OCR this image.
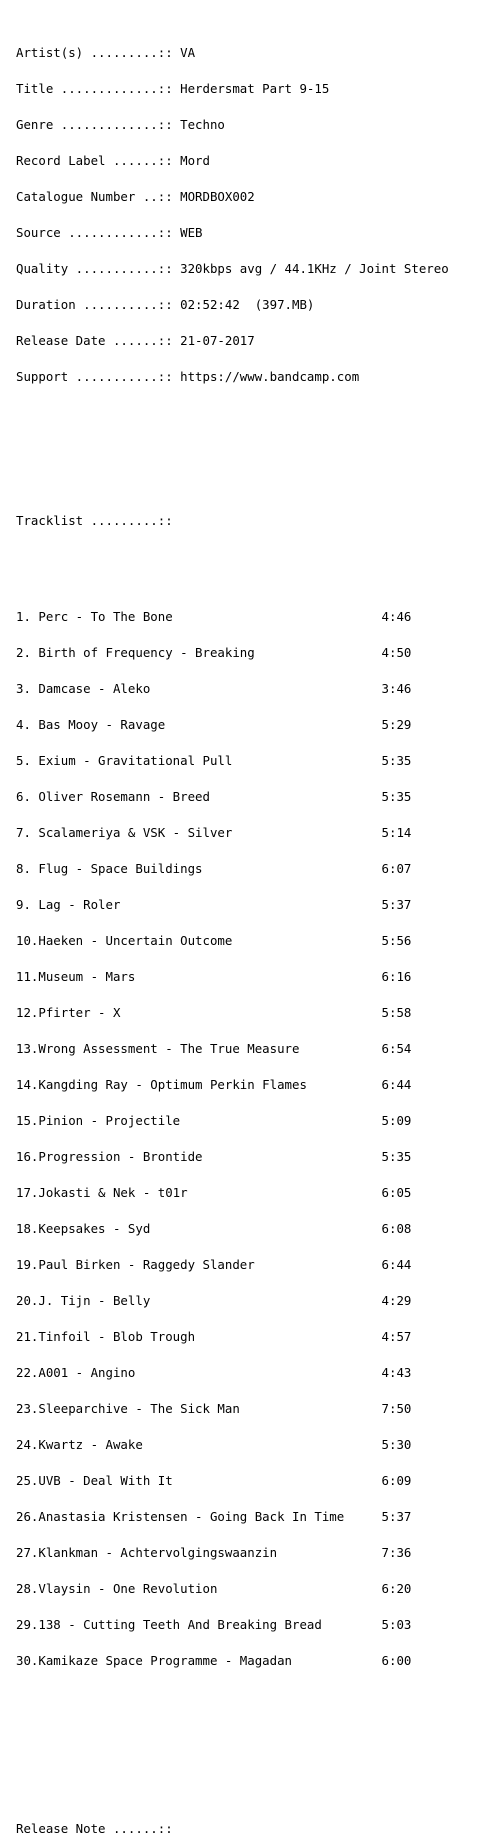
Artist(s) .........:: VA

Title .............:: Herdersmat Part 9-15

Genre .............:: Techno

Record Label ......:: Mord

Catalogue Number ..:: MORDBOX002

Source ............:: WEB

Quality ...........:: 320kbps avg / 44.1KHz / Joint Stereo

Duration ..........:: 02:52:42  (397.MB)

Release Date ......:: 21-07-2017

Support ...........:: https://www.bandcamp.com

Tracklist .........::

1. Perc - To The Bone                            4:46

2. Birth of Frequency - Breaking                 4:50

3. Damcase - Aleko                               3:46

4. Bas Mooy - Ravage                             5:29

5. Exium - Gravitational Pull                    5:35

6. Oliver Rosemann - Breed                       5:35

7. Scalameriya & VSK - Silver                    5:14

8. Flug - Space Buildings                        6:07

9. Lag - Roler                                   5:37

10.Haeken - Uncertain Outcome                    5:56

11.Museum - Mars                                 6:16

12.Pfirter - X                                   5:58

13.Wrong Assessment - The True Measure           6:54

14.Kangding Ray - Optimum Perkin Flames          6:44

15.Pinion - Projectile                           5:09

16.Progression - Brontide                        5:35

17.Jokasti & Nek - t01r                          6:05

18.Keepsakes - Syd                               6:08

19.Paul Birken - Raggedy Slander                 6:44

20.J. Tijn - Belly                               4:29

21.Tinfoil - Blob Trough                         4:57

22.A001 - Angino                                 4:43

23.Sleeparchive - The Sick Man                   7:50

24.Kwartz - Awake                                5:30

25.UVB - Deal With It                            6:09

26.Anastasia Kristensen - Going Back In Time     5:37

27.Klankman - Achtervolgingswaanzin              7:36

28.Vlaysin - One Revolution                      6:20

29.138 - Cutting Teeth And Breaking Bread        5:03

30.Kamikaze Space Programme - Magadan            6:00

Release Note ......::
